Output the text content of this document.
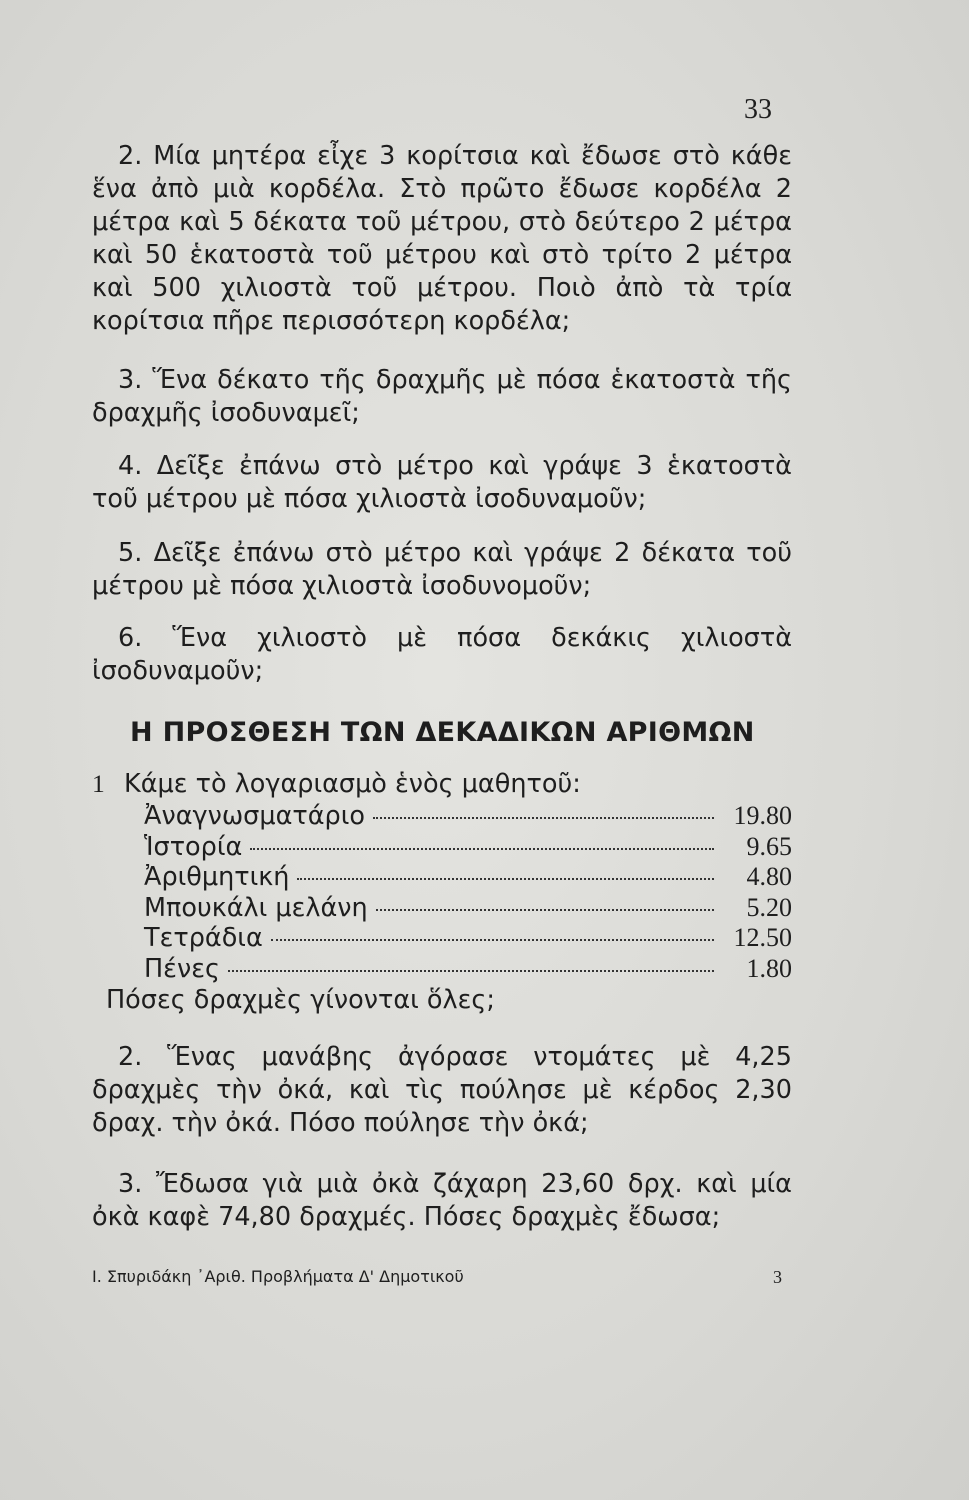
33

2. Μία μητέρα εἶχε 3 κορίτσια καὶ ἔδωσε στὸ κάθε ἕνα ἀπὸ μιὰ κορδέλα. Στὸ πρῶτο ἔδωσε κορδέλα 2 μέτρα καὶ 5 δέκατα τοῦ μέτρου, στὸ δεύτερο 2 μέτρα καὶ 50 ἑκατοστὰ τοῦ μέτρου καὶ στὸ τρίτο 2 μέτρα καὶ 500 χιλιοστὰ τοῦ μέτρου. Ποιὸ ἀπὸ τὰ τρία κορίτσια πῆρε περισσότερη κορδέλα;

3. Ἕνα δέκατο τῆς δραχμῆς μὲ πόσα ἑκατοστὰ τῆς δραχμῆς ἰσοδυναμεῖ;

4. Δεῖξε ἐπάνω στὸ μέτρο καὶ γράψε 3 ἑκατοστὰ τοῦ μέτρου μὲ πόσα χιλιοστὰ ἰσοδυναμοῦν;

5. Δεῖξε ἐπάνω στὸ μέτρο καὶ γράψε 2 δέκατα τοῦ μέτρου μὲ πόσα χιλιοστὰ ἰσοδυνομοῦν;

6. Ἕνα χιλιοστὸ μὲ πόσα δεκάκις χιλιοστὰ ἰσοδυναμοῦν;

Η ΠΡΟΣΘΕΣΗ ΤΩΝ ΔΕΚΑΔΙΚΩΝ ΑΡΙΘΜΩΝ

1 Κάμε τὸ λογαριασμὸ ἑνὸς μαθητοῦ:

Ἀναγνωσματάριο	19.80
Ἱστορία	9.65
Ἀριθμητική	4.80
Μπουκάλι μελάνη	5.20
Τετράδια	12.50
Πένες	1.80

Πόσες δραχμὲς γίνονται ὅλες;

2. Ἕνας μανάβης ἀγόρασε ντομάτες μὲ 4,25 δραχμὲς τὴν ὀκά, καὶ τὶς πούλησε μὲ κέρδος 2,30 δραχ. τὴν ὀκά. Πόσο πούλησε τὴν ὀκά;

3. Ἔδωσα γιὰ μιὰ ὀκὰ ζάχαρη 23,60 δρχ. καὶ μία ὀκὰ καφὲ 74,80 δραχμές. Πόσες δραχμὲς ἔδωσα;

Ι. Σπυριδάκη ᾿Αριθ. Προβλήματα Δ' Δημοτικοῦ	3
